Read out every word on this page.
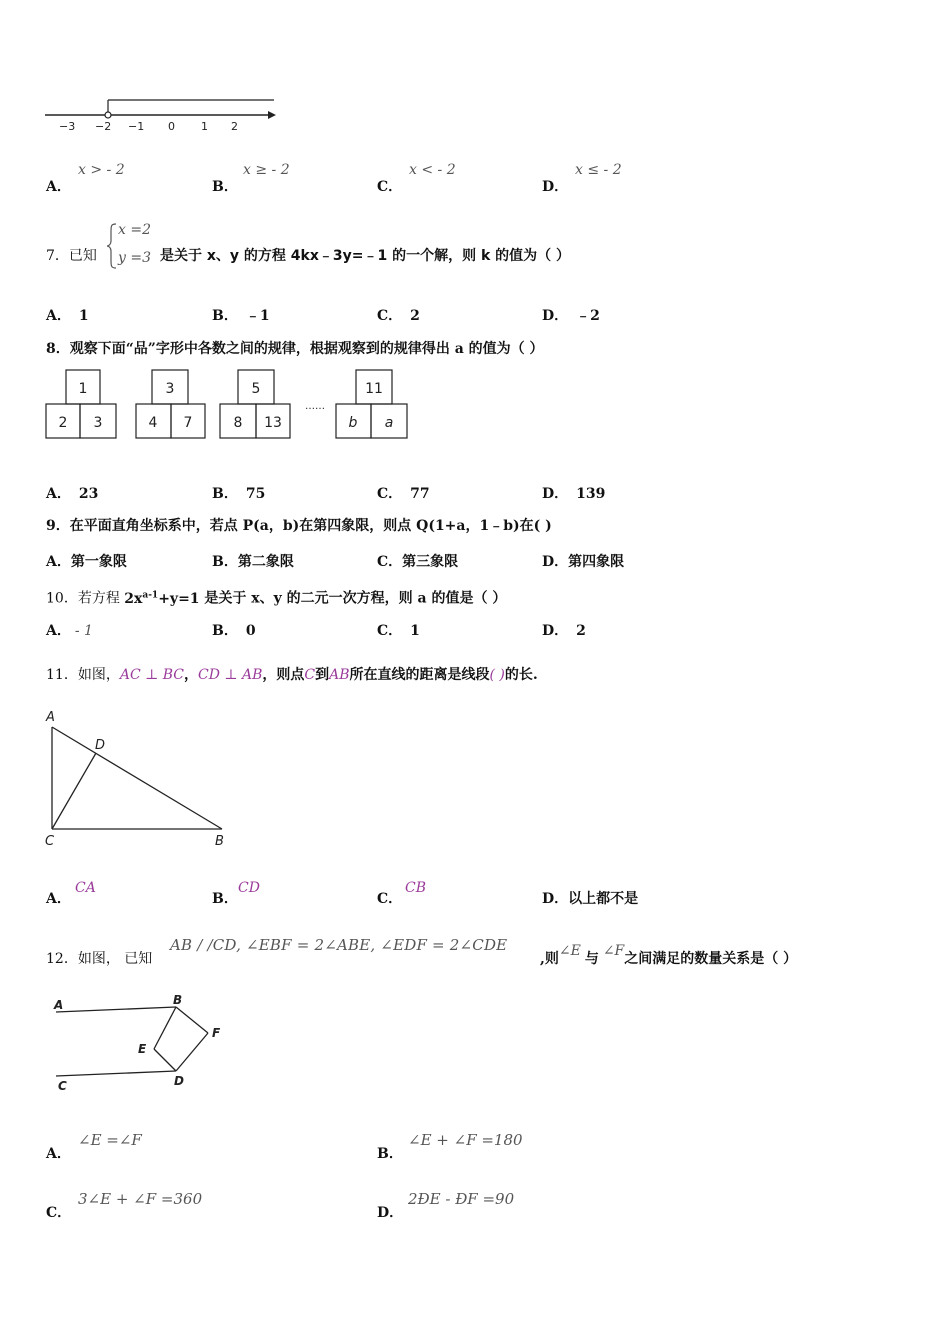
−3 −2 −1 0 1 2
A．
x > - 2
B．
x ≥ - 2
C．
x < - 2
D．
x ≤ - 2
7．已知
x =2
y =3 是关于 x、y 的方程 4kx﹣3y=﹣1 的一个解，则 k 的值为（ ）
A． 1	B． ﹣1	C． 2	D． ﹣2
8．观察下面“品”字形中各数之间的规律，根据观察到的规律得出 a 的值为（ ）
1
2 3
3
4 7
5
8 13
……
11
b a
A． 23	B． 75	C． 77	D． 139
9．在平面直角坐标系中，若点 P(a，b)在第四象限，则点 Q(1+a，1﹣b)在( )
A．第一象限	B．第二象限	C．第三象限	D．第四象限
10．若方程 $2x^{a-1}+y=1$ 是关于 x、y 的二元一次方程，则 a 的值是（ ）
A． - 1	B． 0	C． 1	D． 2
11．如图，AC ⊥ BC，CD ⊥ AB，则点C到AB所在直线的距离是线段( )的长.
A
D
C	B
A．
CA
B．
CD
C．
CB
D．以上都不是
12．如图， 已知
AB / /CD, ∠EBF = 2∠ABE, ∠EDF = 2∠CDE
,则∠E 与 ∠F之间满足的数量关系是（ ）
A	B
F
E
C	D
A．
∠E =∠F
B．
∠E + ∠F =180
C．
3∠E + ∠F =360
D．
2ĐE - ĐF =90
